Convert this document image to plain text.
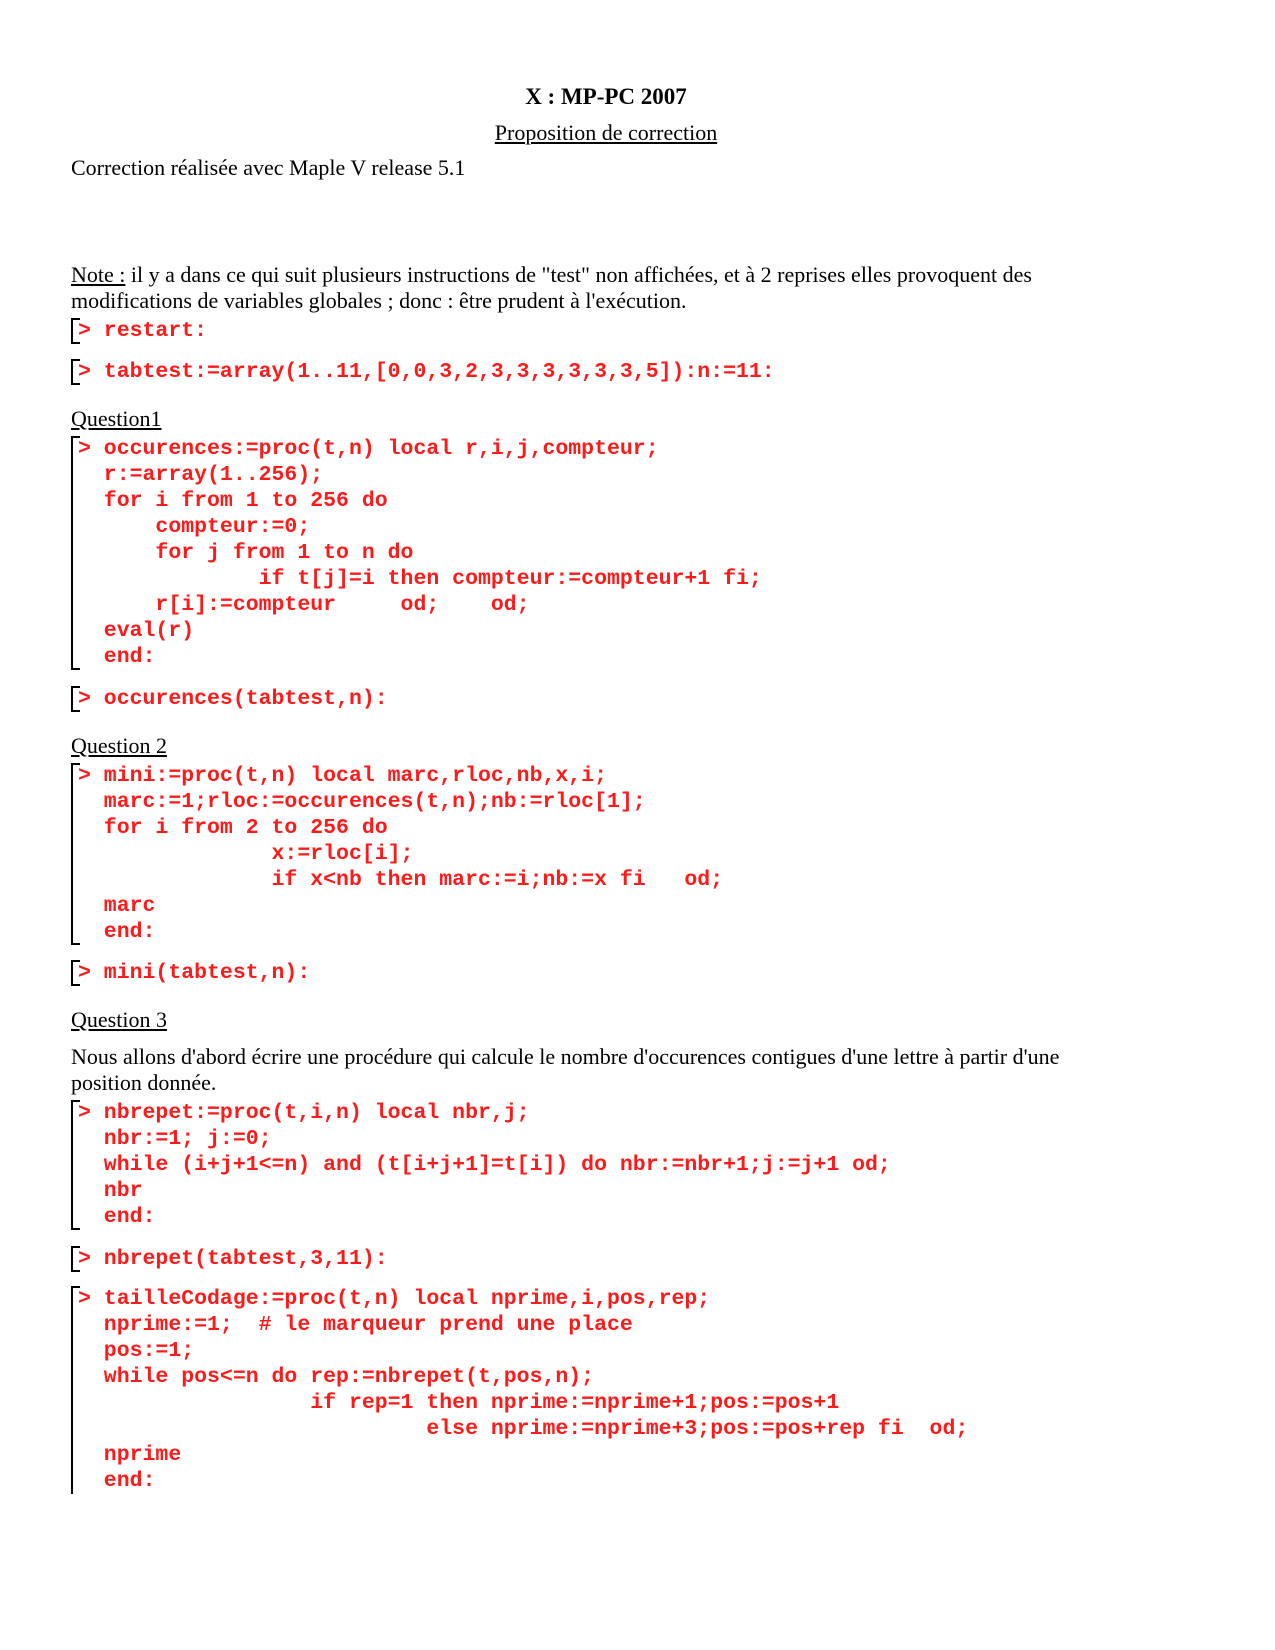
X : MP-PC 2007
Proposition de correction
Correction réalisée avec Maple V release 5.1
Note : il y a dans ce qui suit plusieurs instructions de "test" non affichées, et à 2 reprises elles provoquent des modifications de variables globales ; donc : être prudent à l'exécution.
> restart:
> tabtest:=array(1..11,[0,0,3,2,3,3,3,3,3,3,5]):n:=11:
Question1
> occurences:=proc(t,n) local r,i,j,compteur;
r:=array(1..256);
for i from 1 to 256 do
compteur:=0;
for j from 1 to n do
if t[j]=i then compteur:=compteur+1 fi;
r[i]:=compteur     od;    od;
eval(r)
end:
> occurences(tabtest,n):
Question 2
> mini:=proc(t,n) local marc,rloc,nb,x,i;
marc:=1;rloc:=occurences(t,n);nb:=rloc[1];
for i from 2 to 256 do
x:=rloc[i];
if x<nb then marc:=i;nb:=x fi   od;
marc
end:
> mini(tabtest,n):
Question 3
Nous allons d'abord écrire une procédure qui calcule le nombre d'occurences contigues d'une lettre à partir d'une position donnée.
> nbrepet:=proc(t,i,n) local nbr,j;
nbr:=1; j:=0;
while (i+j+1<=n) and (t[i+j+1]=t[i]) do nbr:=nbr+1;j:=j+1 od;
nbr
end:
> nbrepet(tabtest,3,11):
> tailleCodage:=proc(t,n) local nprime,i,pos,rep;
nprime:=1;  # le marqueur prend une place
pos:=1;
while pos<=n do rep:=nbrepet(t,pos,n);
if rep=1 then nprime:=nprime+1;pos:=pos+1
else nprime:=nprime+3;pos:=pos+rep fi  od;
nprime
end:
